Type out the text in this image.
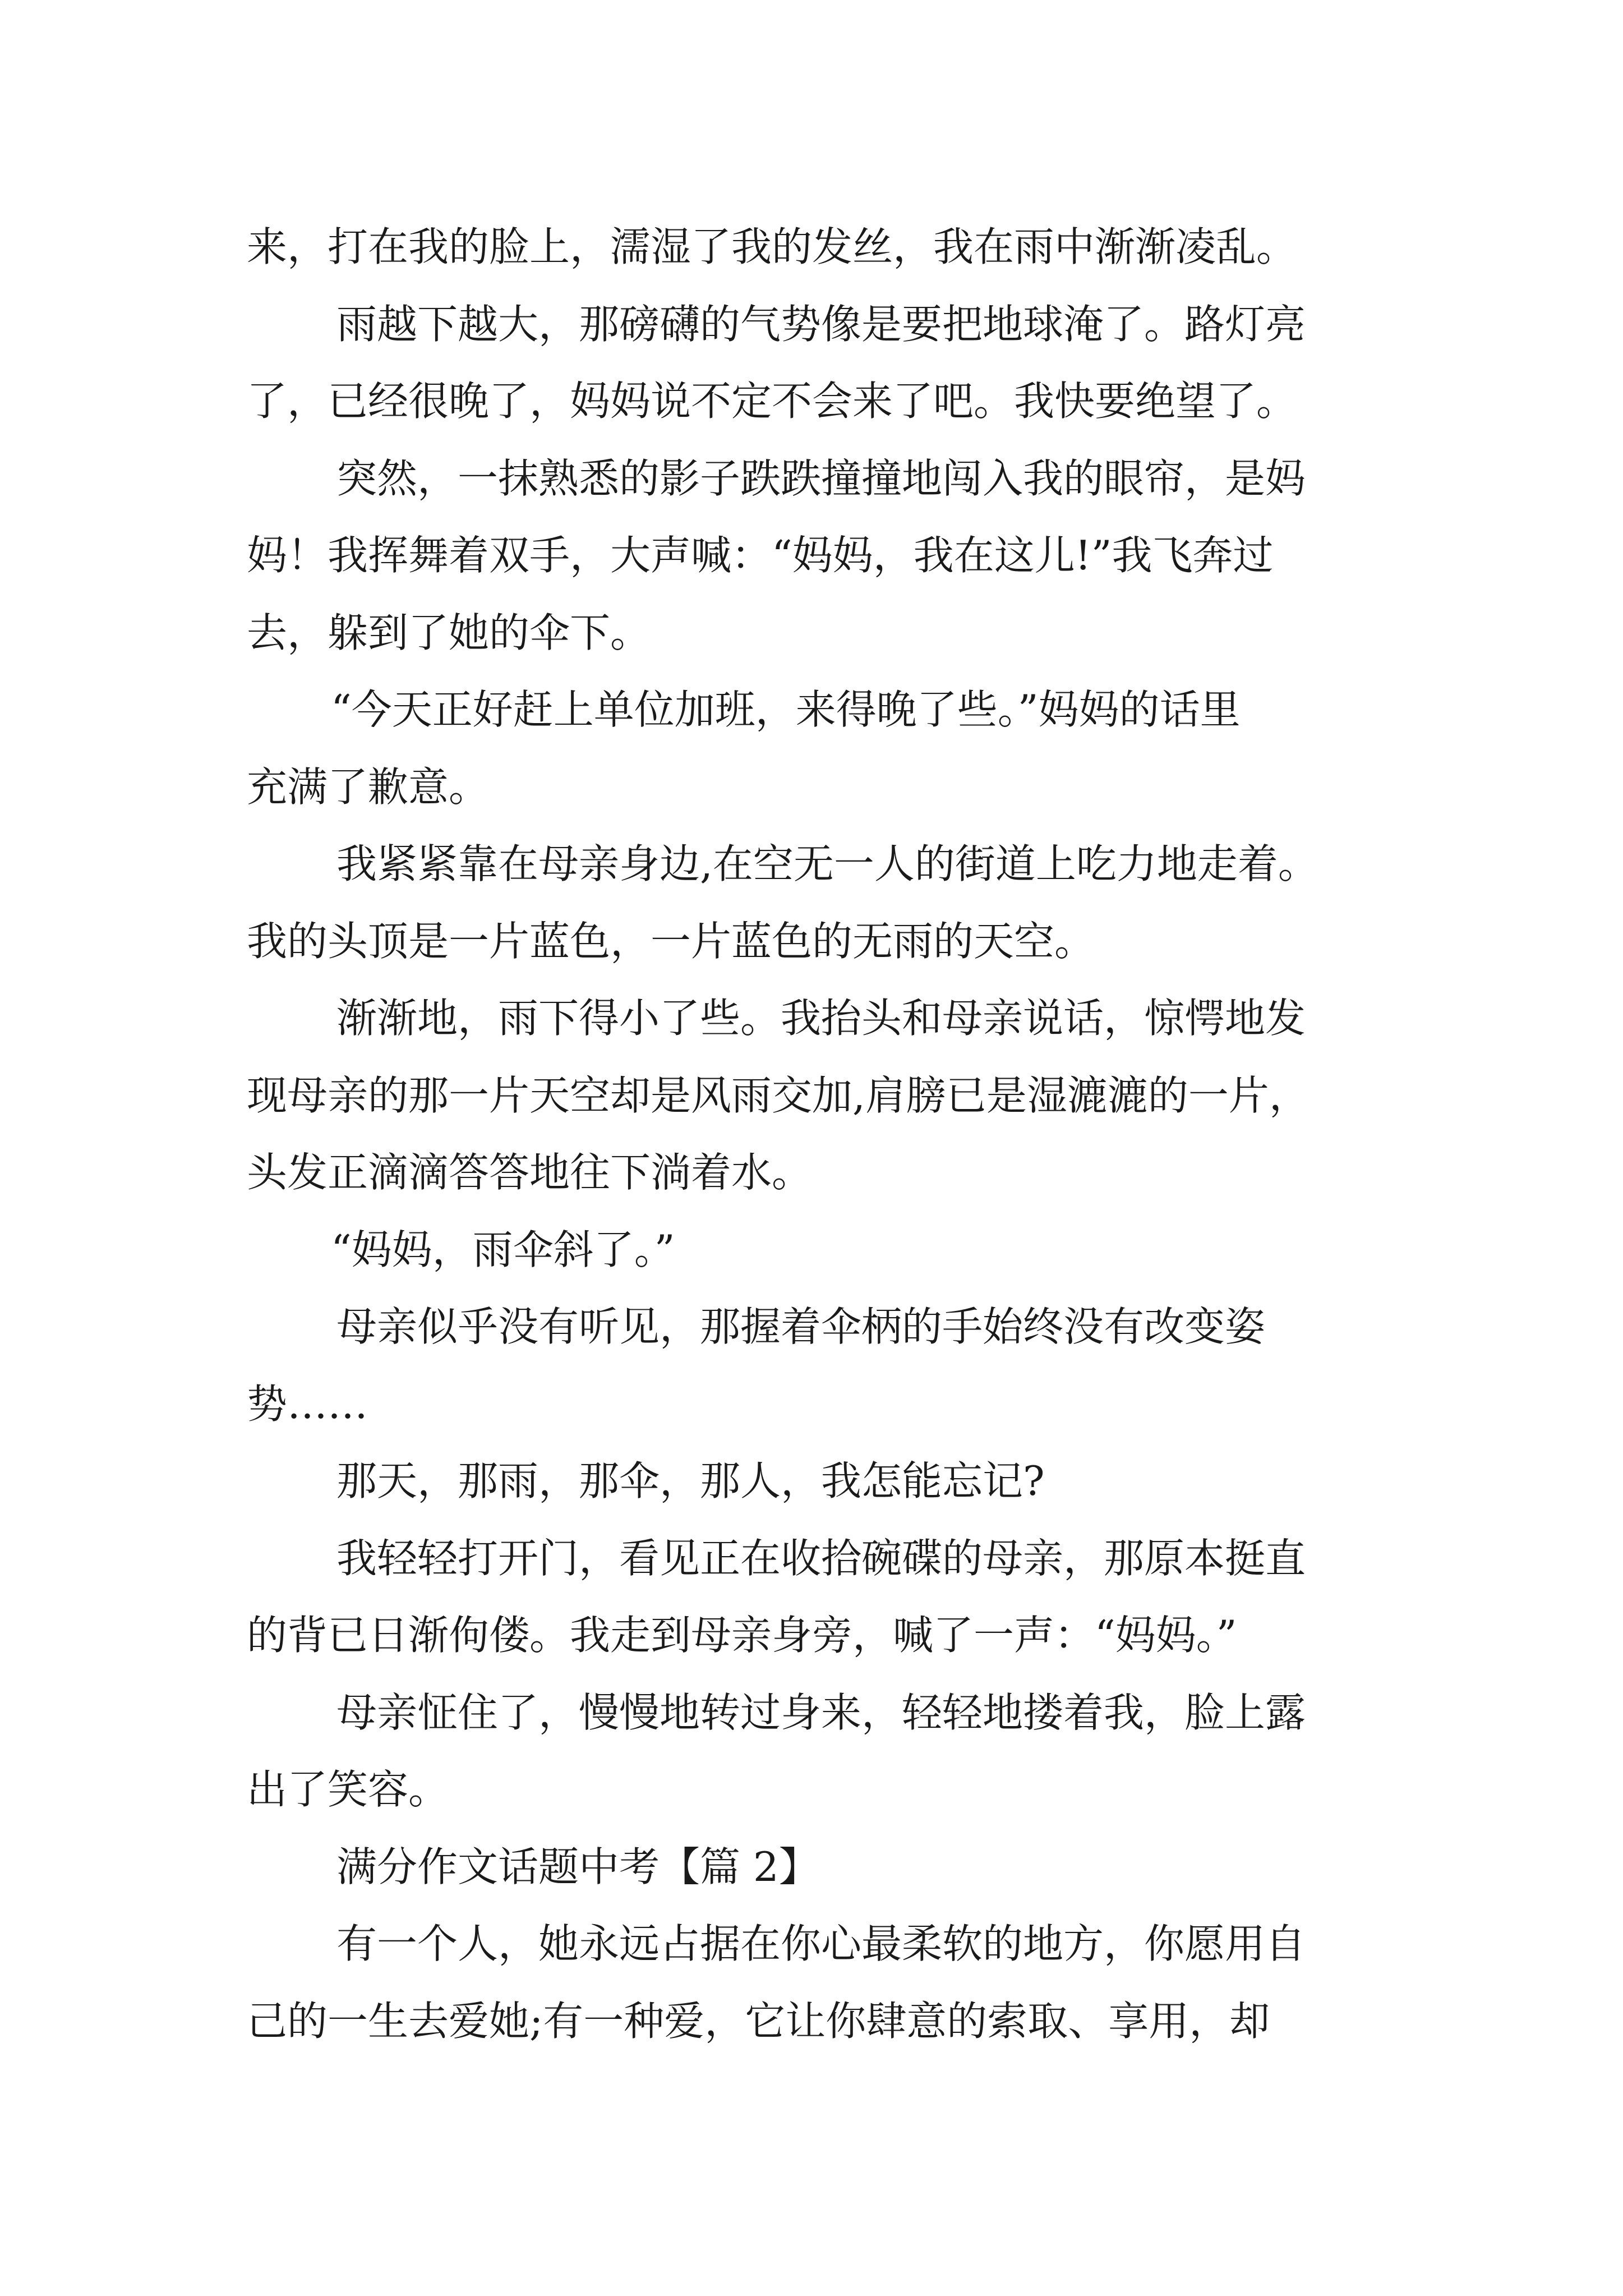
来，打在我的脸上，濡湿了我的发丝，我在雨中渐渐凌乱。
雨越下越大，那磅礴的气势像是要把地球淹了。路灯亮
了，已经很晚了，妈妈说不定不会来了吧。我快要绝望了。
突然，一抹熟悉的影子跌跌撞撞地闯入我的眼帘，是妈
妈！我挥舞着双手，大声喊：“妈妈，我在这儿!”我飞奔过
去，躲到了她的伞下。
“今天正好赶上单位加班，来得晚了些。”妈妈的话里
充满了歉意。
我紧紧靠在母亲身边,在空无一人的街道上吃力地走着。
我的头顶是一片蓝色，一片蓝色的无雨的天空。
渐渐地，雨下得小了些。我抬头和母亲说话，惊愕地发
现母亲的那一片天空却是风雨交加,肩膀已是湿漉漉的一片，
头发正滴滴答答地往下淌着水。
“妈妈，雨伞斜了。”
母亲似乎没有听见，那握着伞柄的手始终没有改变姿
势……
那天，那雨，那伞，那人，我怎能忘记?
我轻轻打开门，看见正在收拾碗碟的母亲，那原本挺直
的背已日渐佝偻。我走到母亲身旁，喊了一声：“妈妈。”
母亲怔住了，慢慢地转过身来，轻轻地搂着我，脸上露
出了笑容。
满分作文话题中考【篇 2】
有一个人，她永远占据在你心最柔软的地方，你愿用自
己的一生去爱她;有一种爱，它让你肆意的索取、享用，却
